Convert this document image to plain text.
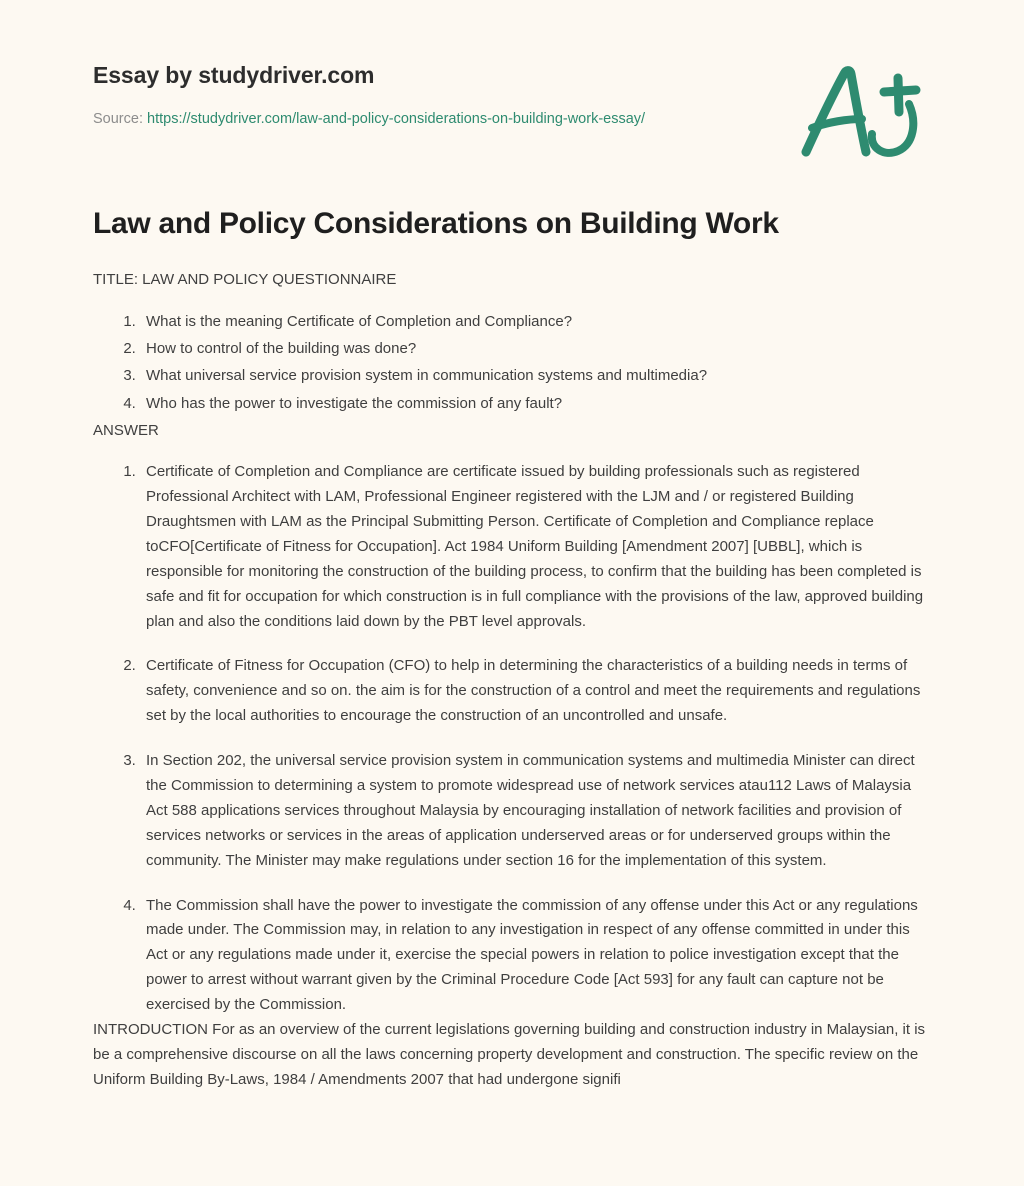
Essay by studydriver.com
Source: https://studydriver.com/law-and-policy-considerations-on-building-work-essay/
Law and Policy Considerations on Building Work

TITLE: LAW AND POLICY QUESTIONNAIRE

1. What is the meaning Certificate of Completion and Compliance?
2. How to control of the building was done?
3. What universal service provision system in communication systems and multimedia?
4. Who has the power to investigate the commission of any fault?

ANSWER

1. Certificate of Completion and Compliance are certificate issued by building professionals such as registered Professional Architect with LAM, Professional Engineer registered with the LJM and / or registered Building Draughtsmen with LAM as the Principal Submitting Person. Certificate of Completion and Compliance replace toCFO[Certificate of Fitness for Occupation]. Act 1984 Uniform Building [Amendment 2007] [UBBL], which is responsible for monitoring the construction of the building process, to confirm that the building has been completed is safe and fit for occupation for which construction is in full compliance with the provisions of the law, approved building plan and also the conditions laid down by the PBT level approvals.
2. Certificate of Fitness for Occupation (CFO) to help in determining the characteristics of a building needs in terms of safety, convenience and so on. the aim is for the construction of a control and meet the requirements and regulations set by the local authorities to encourage the construction of an uncontrolled and unsafe.
3. In Section 202, the universal service provision system in communication systems and multimedia Minister can direct the Commission to determining a system to promote widespread use of network services atau112 Laws of Malaysia Act 588 applications services throughout Malaysia by encouraging installation of network facilities and provision of services networks or services in the areas of application underserved areas or for underserved groups within the community. The Minister may make regulations under section 16 for the implementation of this system.
4. The Commission shall have the power to investigate the commission of any offense under this Act or any regulations made under. The Commission may, in relation to any investigation in respect of any offense committed in under this Act or any regulations made under it, exercise the special powers in relation to police investigation except that the power to arrest without warrant given by the Criminal Procedure Code [Act 593] for any fault can capture not be exercised by the Commission.

INTRODUCTION For as an overview of the current legislations governing building and construction industry in Malaysian, it is be a comprehensive discourse on all the laws concerning property development and construction. The specific review on the Uniform Building By-Laws, 1984 / Amendments 2007 that had undergone signifi
